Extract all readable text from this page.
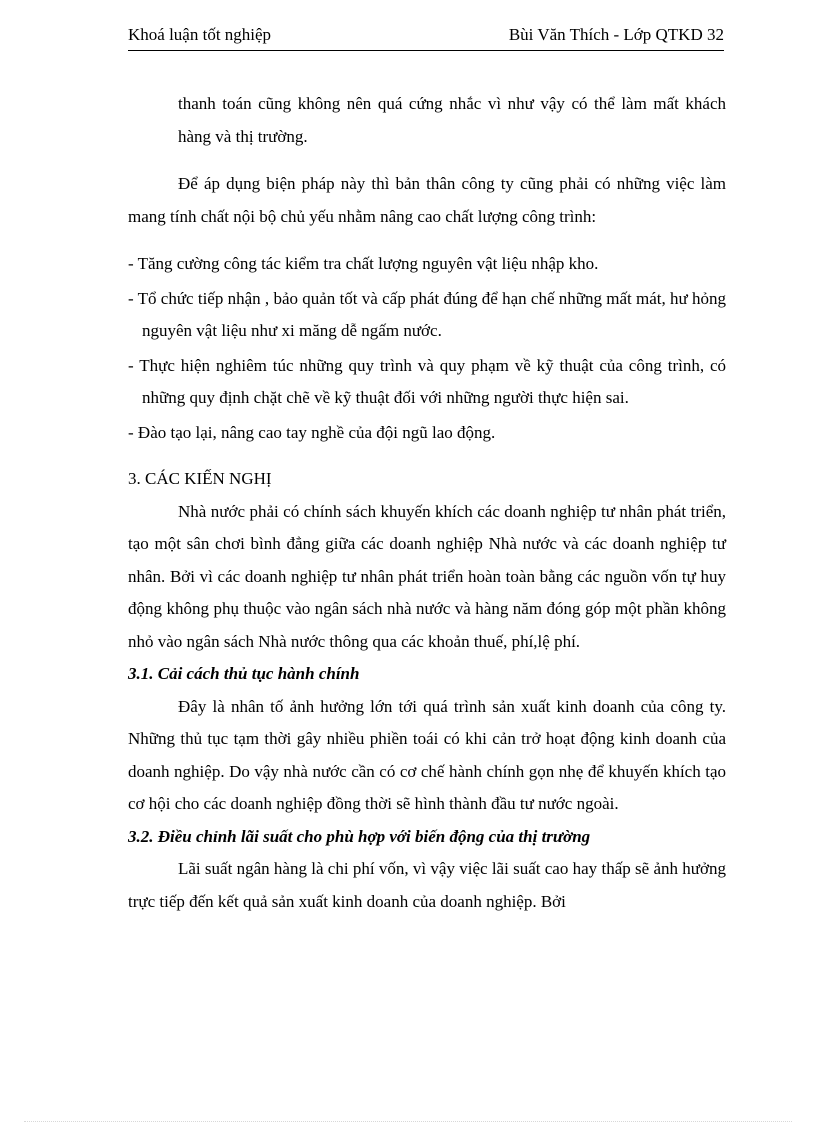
Khoá luận tốt nghiệp	Bùi Văn Thích - Lớp QTKD 32

thanh toán cũng không nên quá cứng nhắc vì như vậy có thể làm mất khách hàng và thị trường.

Để áp dụng biện pháp này thì bản thân công ty cũng phải có những việc làm mang tính chất nội bộ chủ yếu nhằm nâng cao chất lượng công trình:

- Tăng cường công tác kiểm tra chất lượng nguyên vật liệu nhập kho.

- Tổ chức tiếp nhận , bảo quản tốt và cấp phát đúng để hạn chế những mất mát, hư hỏng nguyên vật liệu như xi măng dễ ngấm nước.

- Thực hiện nghiêm túc những quy trình và quy phạm về kỹ thuật của công trình, có những quy định chặt chẽ về kỹ thuật đối với những người thực hiện sai.

- Đào tạo lại, nâng cao tay nghề của đội ngũ lao động.

3. CÁC KIẾN NGHỊ

Nhà nước phải có chính sách khuyến khích các doanh nghiệp tư nhân phát triển, tạo một sân chơi bình đẳng giữa các doanh nghiệp Nhà nước và các doanh nghiệp tư nhân. Bởi vì các doanh nghiệp tư nhân phát triển hoàn toàn bằng các nguồn vốn tự huy động không phụ thuộc vào ngân sách nhà nước và hàng năm đóng góp một phần không nhỏ vào ngân sách Nhà nước thông qua các khoản thuế, phí,lệ phí.

3.1. Cải cách thủ tục hành chính

Đây là nhân tố ảnh hưởng lớn tới quá trình sản xuất kinh doanh của công ty. Những thủ tục tạm thời gây nhiều phiền toái có khi cản trở hoạt động kinh doanh của doanh nghiệp. Do vậy nhà nước cần có cơ chế hành chính gọn nhẹ để khuyến khích tạo cơ hội cho các doanh nghiệp đồng thời sẽ hình thành đầu tư nước ngoài.

3.2. Điều chỉnh lãi suất cho phù hợp với biến động của thị trường

Lãi suất ngân hàng là chi phí vốn, vì vậy việc lãi suất cao hay thấp sẽ ảnh hưởng trực tiếp đến kết quả sản xuất kinh doanh của doanh nghiệp. Bởi
